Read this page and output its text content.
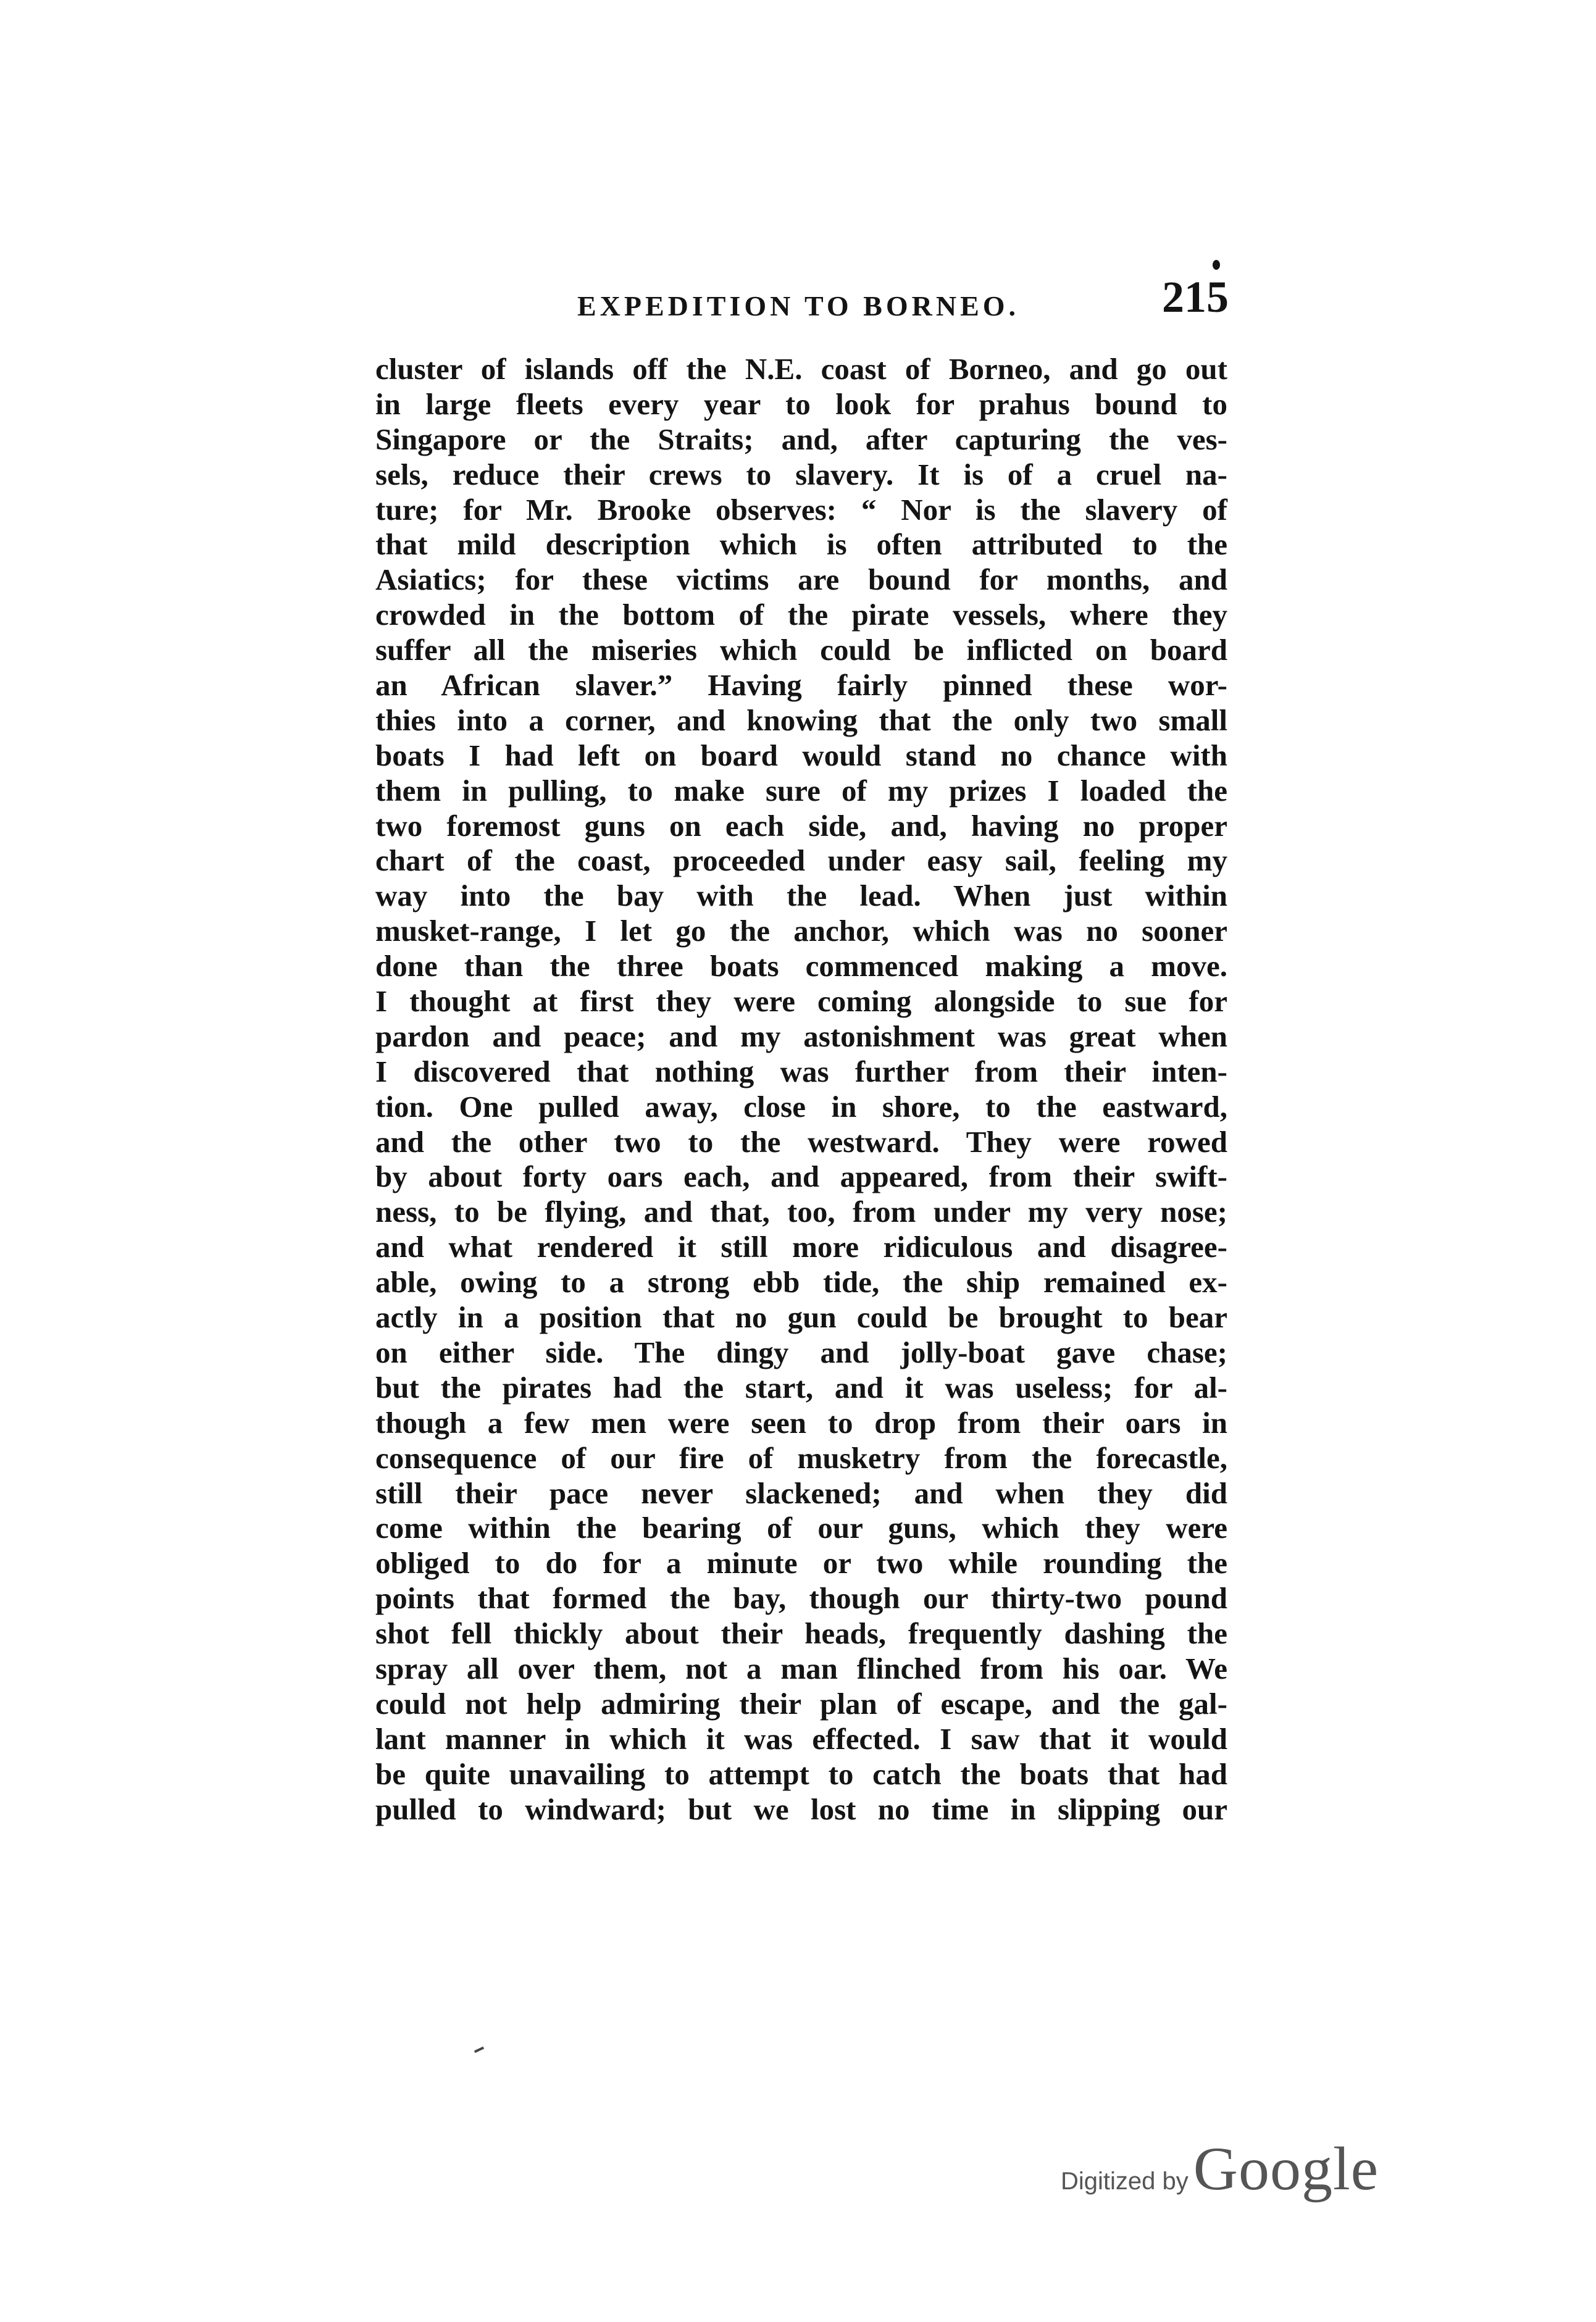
EXPEDITION TO BORNEO.	215
cluster of islands off the N.E. coast of Borneo, and go out
in large fleets every year to look for prahus bound to
Singapore or the Straits; and, after capturing the ves-
sels, reduce their crews to slavery. It is of a cruel na-
ture; for Mr. Brooke observes: “ Nor is the slavery of
that mild description which is often attributed to the
Asiatics; for these victims are bound for months, and
crowded in the bottom of the pirate vessels, where they
suffer all the miseries which could be inflicted on board
an African slaver.” Having fairly pinned these wor-
thies into a corner, and knowing that the only two small
boats I had left on board would stand no chance with
them in pulling, to make sure of my prizes I loaded the
two foremost guns on each side, and, having no proper
chart of the coast, proceeded under easy sail, feeling my
way into the bay with the lead. When just within
musket-range, I let go the anchor, which was no sooner
done than the three boats commenced making a move.
I thought at first they were coming alongside to sue for
pardon and peace; and my astonishment was great when
I discovered that nothing was further from their inten-
tion. One pulled away, close in shore, to the eastward,
and the other two to the westward. They were rowed
by about forty oars each, and appeared, from their swift-
ness, to be flying, and that, too, from under my very nose;
and what rendered it still more ridiculous and disagree-
able, owing to a strong ebb tide, the ship remained ex-
actly in a position that no gun could be brought to bear
on either side. The dingy and jolly-boat gave chase;
but the pirates had the start, and it was useless; for al-
though a few men were seen to drop from their oars in
consequence of our fire of musketry from the forecastle,
still their pace never slackened; and when they did
come within the bearing of our guns, which they were
obliged to do for a minute or two while rounding the
points that formed the bay, though our thirty-two pound
shot fell thickly about their heads, frequently dashing the
spray all over them, not a man flinched from his oar. We
could not help admiring their plan of escape, and the gal-
lant manner in which it was effected. I saw that it would
be quite unavailing to attempt to catch the boats that had
pulled to windward; but we lost no time in slipping our
Digitized by Google
